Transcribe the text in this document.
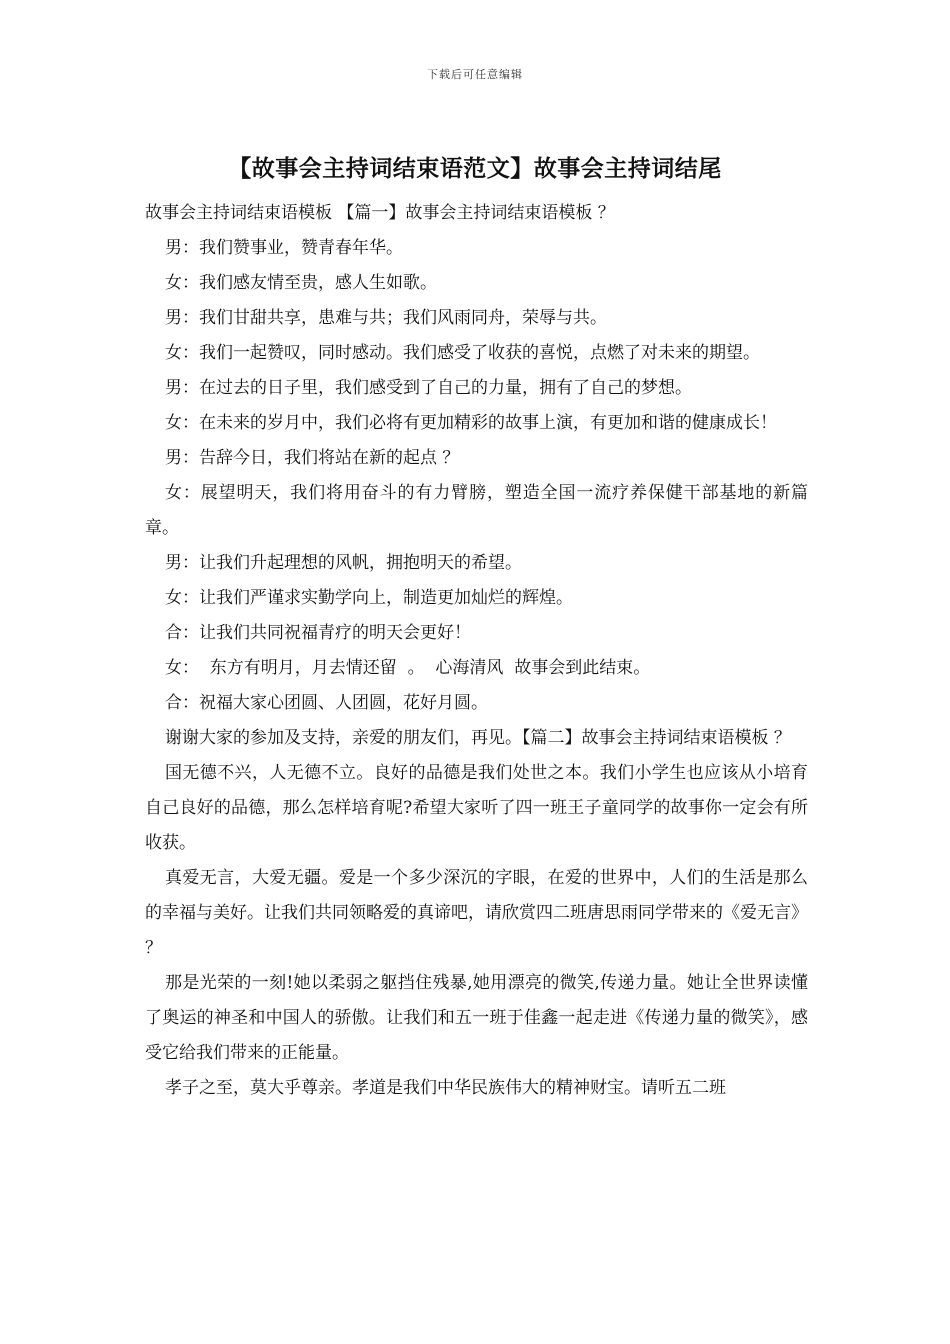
下载后可任意编辑
【故事会主持词结束语范文】故事会主持词结尾

故事会主持词结束语模板 【篇一】故事会主持词结束语模板 ？

男：我们赞事业，赞青春年华。

女：我们感友情至贵，感人生如歌。

男：我们甘甜共享，患难与共；我们风雨同舟，荣辱与共。

女：我们一起赞叹，同时感动。我们感受了收获的喜悦，点燃了对未来的期望。

男：在过去的日子里，我们感受到了自己的力量，拥有了自己的梦想。

女：在未来的岁月中，我们必将有更加精彩的故事上演，有更加和谐的健康成长！

男：告辞今日，我们将站在新的起点 ？

女：展望明天，我们将用奋斗的有力臂膀，塑造全国一流疗养保健干部基地的新篇章。

男：让我们升起理想的风帆，拥抱明天的希望。

女：让我们严谨求实勤学向上，制造更加灿烂的辉煌。

合：让我们共同祝福青疗的明天会更好！

女：  东方有明月，月去情还留  。  心海清风  故事会到此结束。

合：祝福大家心团圆、人团圆，花好月圆。

谢谢大家的参加及支持，亲爱的朋友们，再见。【篇二】故事会主持词结束语模板 ？

国无德不兴，人无德不立。良好的品德是我们处世之本。我们小学生也应该从小培育自己良好的品德，那么怎样培育呢?希望大家听了四一班王子童同学的故事你一定会有所收获。

真爱无言，大爱无疆。爱是一个多少深沉的字眼，在爱的世界中，人们的生活是那么的幸福与美好。让我们共同领略爱的真谛吧，请欣赏四二班唐思雨同学带来的《爱无言》 ？

那是光荣的一刻!她以柔弱之躯挡住残暴,她用漂亮的微笑,传递力量。她让全世界读懂了奥运的神圣和中国人的骄傲。让我们和五一班于佳鑫一起走进《传递力量的微笑》，感受它给我们带来的正能量。

孝子之至，莫大乎尊亲。孝道是我们中华民族伟大的精神财宝。请听五二班
